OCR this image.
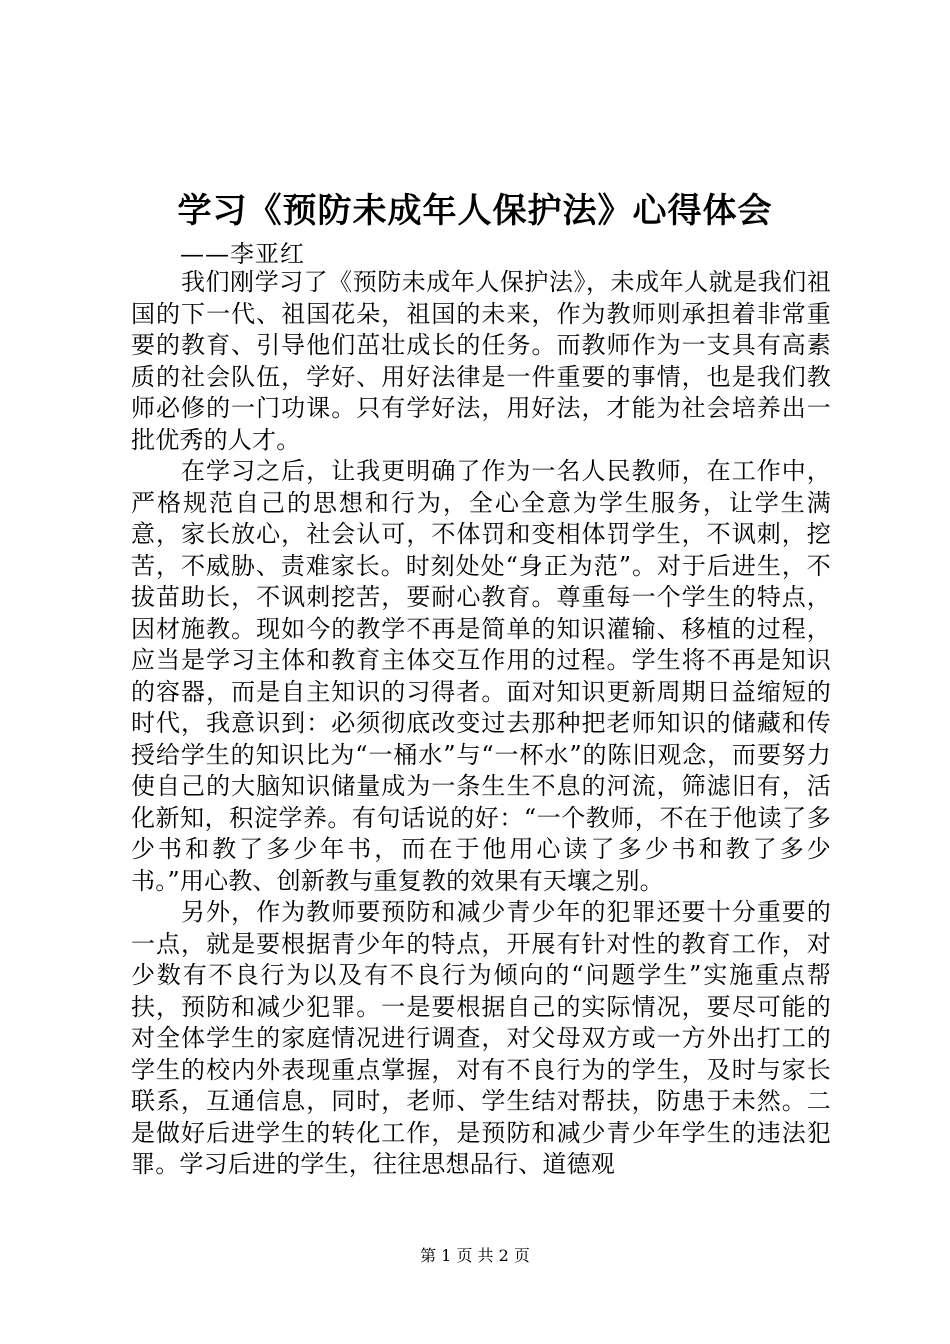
学习《预防未成年人保护法》心得体会
——李亚红

我们刚学习了《预防未成年人保护法》，未成年人就是我们祖国的下一代、祖国花朵，祖国的未来，作为教师则承担着非常重要的教育、引导他们茁壮成长的任务。而教师作为一支具有高素质的社会队伍，学好、用好法律是一件重要的事情，也是我们教师必修的一门功课。只有学好法，用好法，才能为社会培养出一批优秀的人才。

在学习之后，让我更明确了作为一名人民教师，在工作中，严格规范自己的思想和行为，全心全意为学生服务，让学生满意，家长放心，社会认可，不体罚和变相体罚学生，不讽刺，挖苦，不威胁、责难家长。时刻处处“身正为范”。对于后进生，不拔苗助长，不讽刺挖苦，要耐心教育。尊重每一个学生的特点，因材施教。现如今的教学不再是简单的知识灌输、移植的过程，应当是学习主体和教育主体交互作用的过程。学生将不再是知识的容器，而是自主知识的习得者。面对知识更新周期日益缩短的时代，我意识到：必须彻底改变过去那种把老师知识的储藏和传授给学生的知识比为“一桶水”与“一杯水”的陈旧观念，而要努力使自己的大脑知识储量成为一条生生不息的河流，筛滤旧有，活化新知，积淀学养。有句话说的好：“一个教师，不在于他读了多少书和教了多少年书，而在于他用心读了多少书和教了多少书。”用心教、创新教与重复教的效果有天壤之别。

另外，作为教师要预防和减少青少年的犯罪还要十分重要的一点，就是要根据青少年的特点，开展有针对性的教育工作，对少数有不良行为以及有不良行为倾向的“问题学生”实施重点帮扶，预防和减少犯罪。一是要根据自己的实际情况，要尽可能的对全体学生的家庭情况进行调查，对父母双方或一方外出打工的学生的校内外表现重点掌握，对有不良行为的学生，及时与家长联系，互通信息，同时，老师、学生结对帮扶，防患于未然。二是做好后进学生的转化工作，是预防和减少青少年学生的违法犯罪。学习后进的学生，往往思想品行、道德观

第 1 页 共 2 页
